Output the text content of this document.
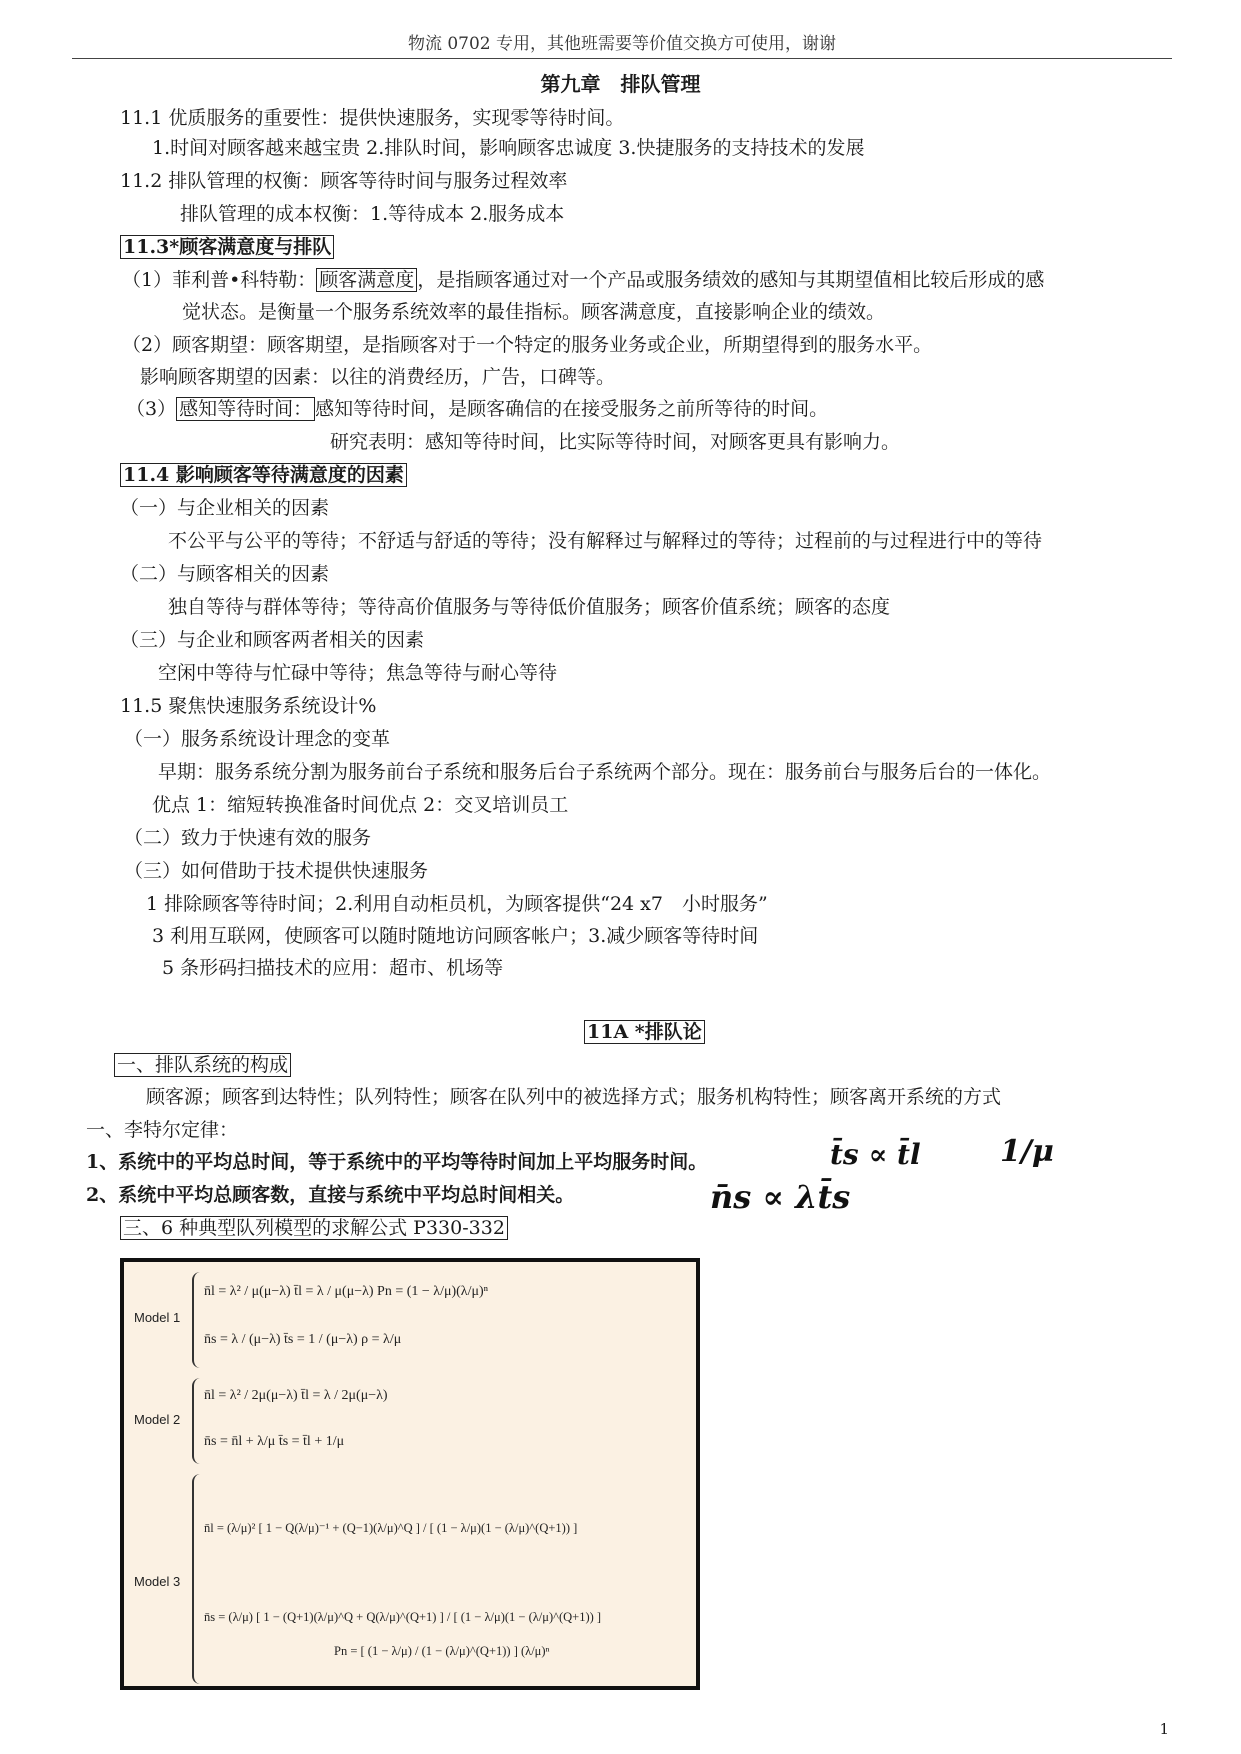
物流 0702 专用，其他班需要等价值交换方可使用，谢谢
第九章　排队管理
11.1 优质服务的重要性：提供快速服务，实现零等待时间。
1.时间对顾客越来越宝贵 2.排队时间，影响顾客忠诚度 3.快捷服务的支持技术的发展
11.2 排队管理的权衡：顾客等待时间与服务过程效率
排队管理的成本权衡：1.等待成本 2.服务成本
11.3*顾客满意度与排队
（1）菲利普•科特勒： 顾客满意度 ，是指顾客通过对一个产品或服务绩效的感知与其期望值相比较后形成的感
觉状态。是衡量一个服务系统效率的最佳指标。顾客满意度，直接影响企业的绩效。
（2）顾客期望：顾客期望，是指顾客对于一个特定的服务业务或企业，所期望得到的服务水平。
影响顾客期望的因素：以往的消费经历，广告，口碑等。
（3） 感知等待时间： 感知等待时间，是顾客确信的在接受服务之前所等待的时间。
研究表明：感知等待时间，比实际等待时间，对顾客更具有影响力。
11.4 影响顾客等待满意度的因素
（一）与企业相关的因素
不公平与公平的等待；不舒适与舒适的等待；没有解释过与解释过的等待；过程前的与过程进行中的等待
（二）与顾客相关的因素
独自等待与群体等待；等待高价值服务与等待低价值服务；顾客价值系统；顾客的态度
（三）与企业和顾客两者相关的因素
空闲中等待与忙碌中等待；焦急等待与耐心等待
11.5 聚焦快速服务系统设计%
（一）服务系统设计理念的变革
早期：服务系统分割为服务前台子系统和服务后台子系统两个部分。现在：服务前台与服务后台的一体化。
优点 1：缩短转换准备时间优点 2：交叉培训员工
（二）致力于快速有效的服务
（三）如何借助于技术提供快速服务
1 排除顾客等待时间；2.利用自动柜员机，为顾客提供“24 x7　小时服务”
3 利用互联网，使顾客可以随时随地访问顾客帐户；3.减少顾客等待时间
5 条形码扫描技术的应用：超市、机场等
11A *排队论
一、排队系统的构成
顾客源；顾客到达特性；队列特性；顾客在队列中的被选择方式；服务机构特性；顾客离开系统的方式
一、李特尔定律：
1、系统中的平均总时间，等于系统中的平均等待时间加上平均服务时间。
2、系统中平均总顾客数，直接与系统中平均总时间相关。
三、6 种典型队列模型的求解公式 P330-332
t̄s ∝ t̄l	1/μ
n̄s ∝ λt̄s
Model 1
n̄l = λ² / μ(μ−λ) t̄l = λ / μ(μ−λ) Pn = (1 − λ/μ)(λ/μ)ⁿ
n̄s = λ / (μ−λ) t̄s = 1 / (μ−λ) ρ = λ/μ
Model 2
n̄l = λ² / 2μ(μ−λ) t̄l = λ / 2μ(μ−λ)
n̄s = n̄l + λ/μ t̄s = t̄l + 1/μ
Model 3
n̄l = (λ/μ)² [ 1 − Q(λ/μ)⁻¹ + (Q−1)(λ/μ)^Q ] / [ (1 − λ/μ)(1 − (λ/μ)^(Q+1)) ]
n̄s = (λ/μ) [ 1 − (Q+1)(λ/μ)^Q + Q(λ/μ)^(Q+1) ] / [ (1 − λ/μ)(1 − (λ/μ)^(Q+1)) ]
Pn = [ (1 − λ/μ) / (1 − (λ/μ)^(Q+1)) ] (λ/μ)ⁿ
1
